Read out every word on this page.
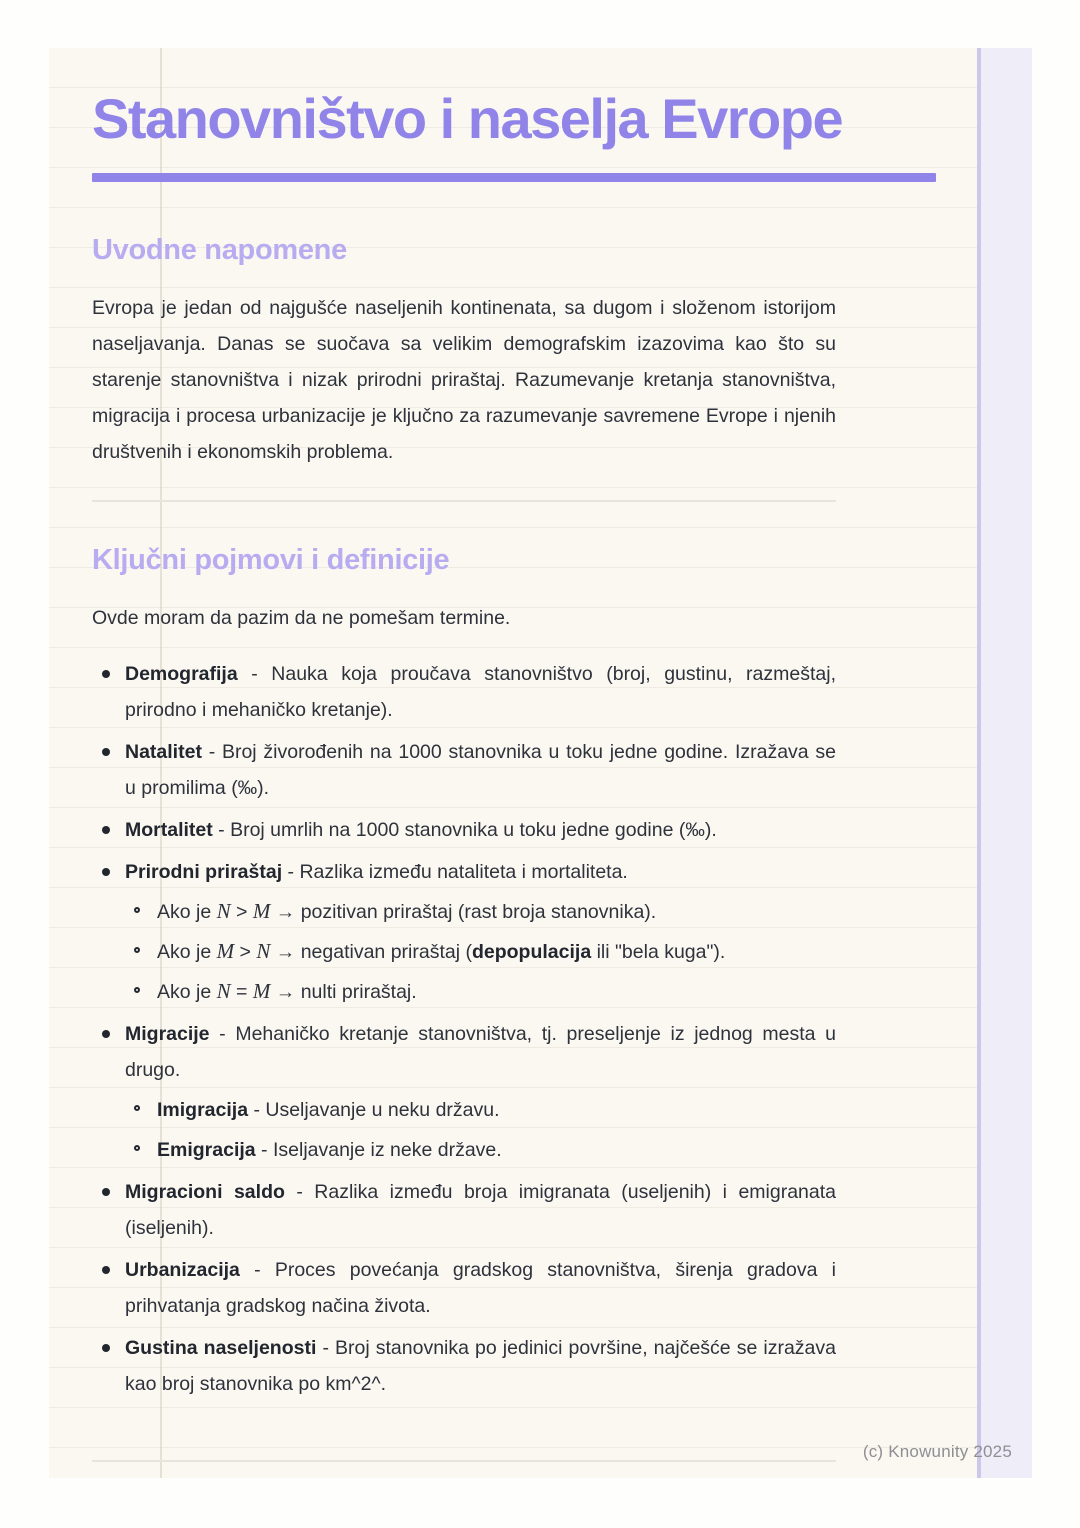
Stanovništvo i naselja Evrope
Uvodne napomene

Evropa je jedan od najgušće naseljenih kontinenata, sa dugom i složenom istorijom naseljavanja. Danas se suočava sa velikim demografskim izazovima kao što su starenje stanovništva i nizak prirodni priraštaj. Razumevanje kretanja stanovništva, migracija i procesa urbanizacije je ključno za razumevanje savremene Evrope i njenih društvenih i ekonomskih problema.

Ključni pojmovi i definicije

Ovde moram da pazim da ne pomešam termine.

Demografija - Nauka koja proučava stanovništvo (broj, gustinu, razmeštaj, prirodno i mehaničko kretanje).
Natalitet - Broj živorođenih na 1000 stanovnika u toku jedne godine. Izražava se u promilima (‰).
Mortalitet - Broj umrlih na 1000 stanovnika u toku jedne godine (‰).
Prirodni priraštaj - Razlika između nataliteta i mortaliteta.
Ako je N > M → pozitivan priraštaj (rast broja stanovnika).
Ako je M > N → negativan priraštaj (depopulacija ili "bela kuga").
Ako je N = M → nulti priraštaj.
Migracije - Mehaničko kretanje stanovništva, tj. preseljenje iz jednog mesta u drugo.
Imigracija - Useljavanje u neku državu.
Emigracija - Iseljavanje iz neke države.
Migracioni saldo - Razlika između broja imigranata (useljenih) i emigranata (iseljenih).
Urbanizacija - Proces povećanja gradskog stanovništva, širenja gradova i prihvatanja gradskog načina života.
Gustina naseljenosti - Broj stanovnika po jedinici površine, najčešće se izražava kao broj stanovnika po km^2^.
(c) Knowunity 2025
